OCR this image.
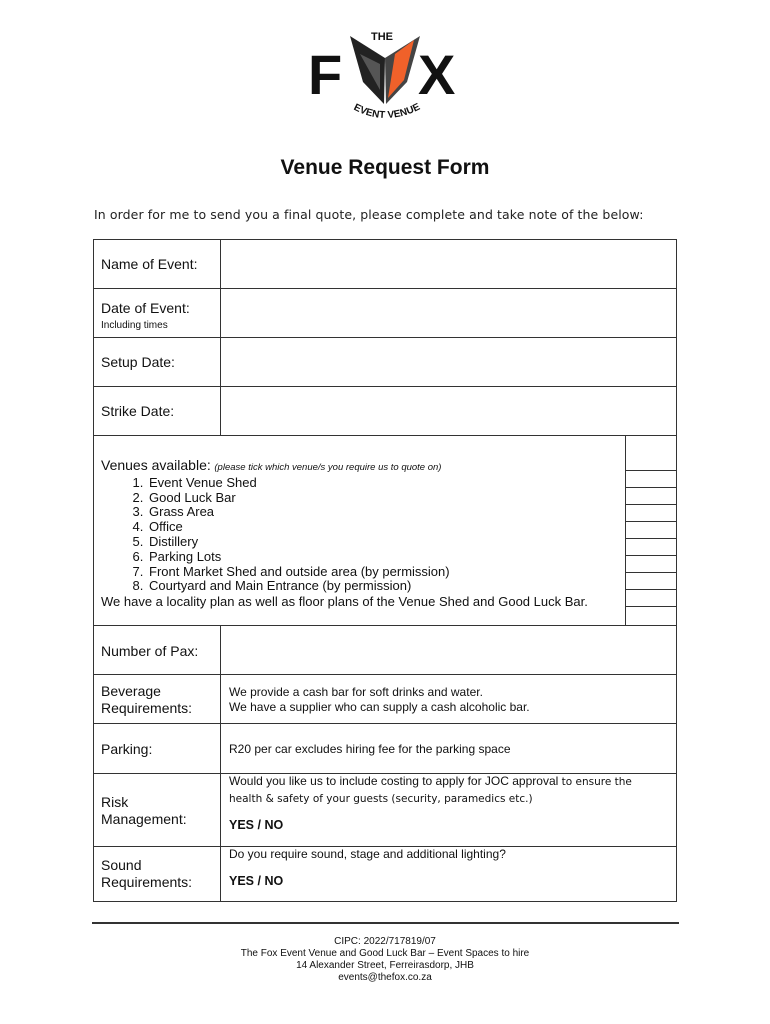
THE
F X
EVENT VENUE
Venue Request Form
In order for me to send you a final quote, please complete and take note of the below:
Name of Event:
Date of Event:
Including times
Setup Date:
Strike Date:
Venues available: (please tick which venue/s you require us to quote on)
1. Event Venue Shed
2. Good Luck Bar
3. Grass Area
4. Office
5. Distillery
6. Parking Lots
7. Front Market Shed and outside area (by permission)
8. Courtyard and Main Entrance (by permission)
We have a locality plan as well as floor plans of the Venue Shed and Good Luck Bar.
Number of Pax:
Beverage
Requirements:
We provide a cash bar for soft drinks and water.
We have a supplier who can supply a cash alcoholic bar.
Parking:	R20 per car excludes hiring fee for the parking space
Risk
Management:
Would you like us to include costing to apply for JOC approval to ensure the
health & safety of your guests (security, paramedics etc.)
YES / NO
Sound
Requirements:
Do you require sound, stage and additional lighting?
YES / NO
CIPC: 2022/717819/07
The Fox Event Venue and Good Luck Bar – Event Spaces to hire
14 Alexander Street, Ferreirasdorp, JHB
events@thefox.co.za
